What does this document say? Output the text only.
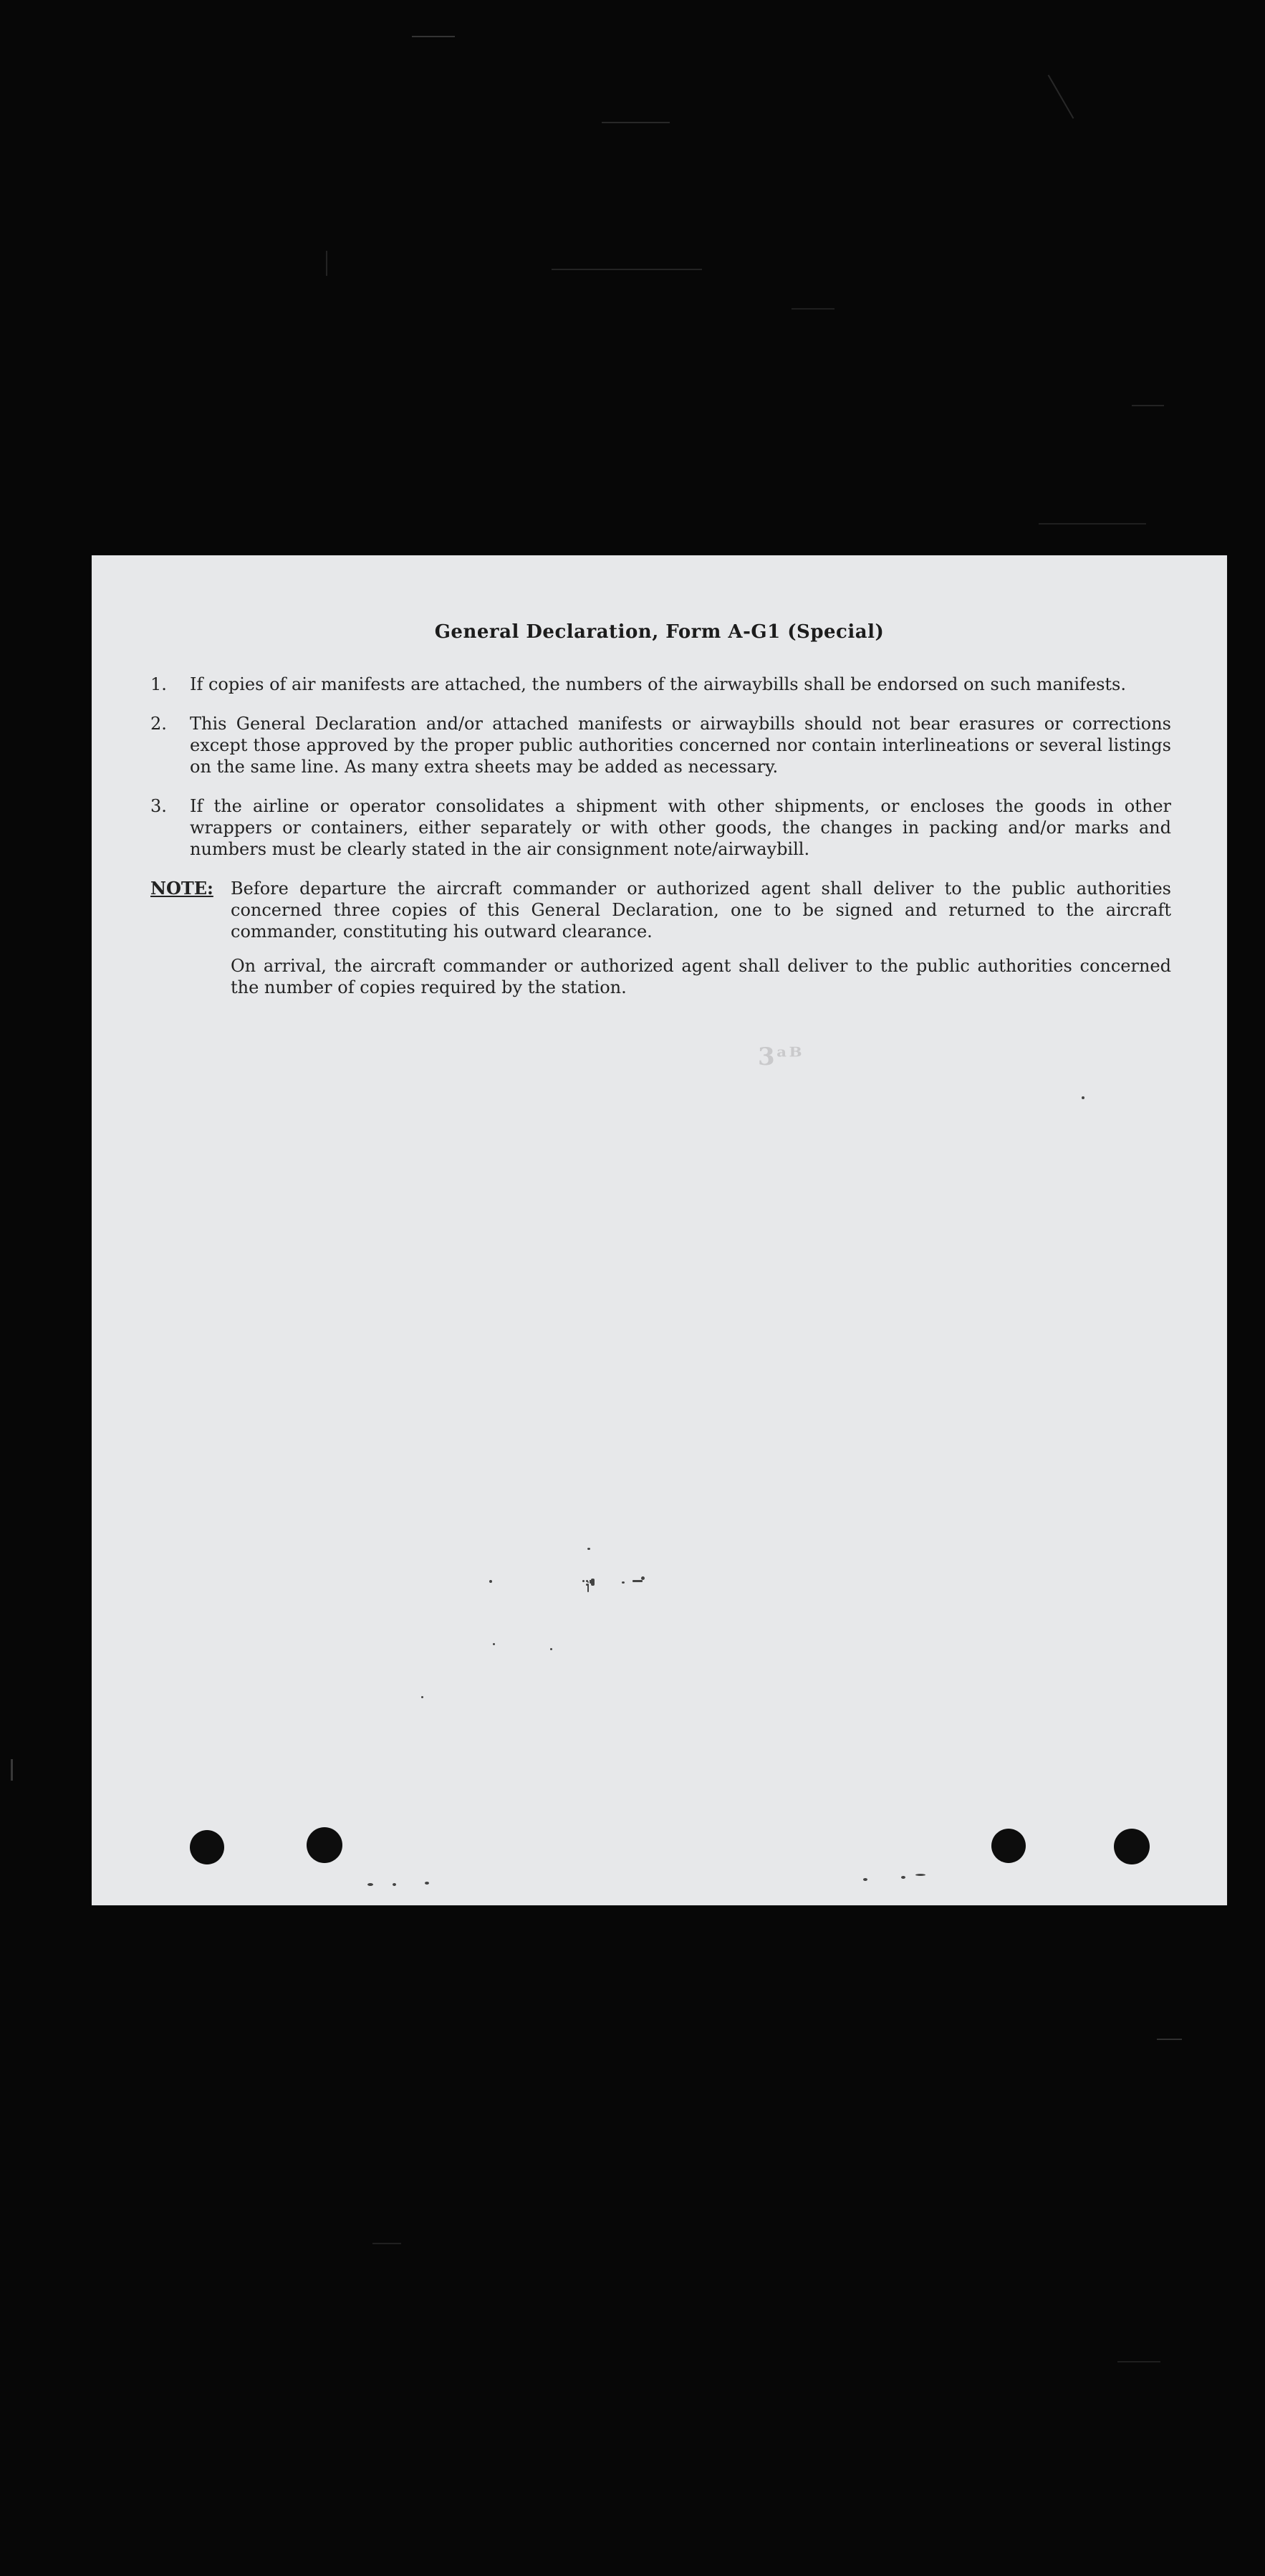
General Declaration, Form A-G1 (Special)
1.	If copies of air manifests are attached, the numbers of the airwaybills shall be endorsed on such manifests.
2.	This General Declaration and/or attached manifests or airwaybills should not bear erasures or corrections except those approved by the proper public authorities concerned nor contain interlineations or several listings on the same line. As many extra sheets may be added as necessary.
3.	If the airline or operator consolidates a shipment with other shipments, or encloses the goods in other wrappers or containers, either separately or with other goods, the changes in packing and/or marks and numbers must be clearly stated in the air consignment note/airwaybill.
NOTE: Before departure the aircraft commander or authorized agent shall deliver to the public authorities concerned three copies of this General Declaration, one to be signed and returned to the aircraft commander, constituting his outward clearance.
On arrival, the aircraft commander or authorized agent shall deliver to the public authorities concerned the number of copies required by the station.
3ᵃᴮ
